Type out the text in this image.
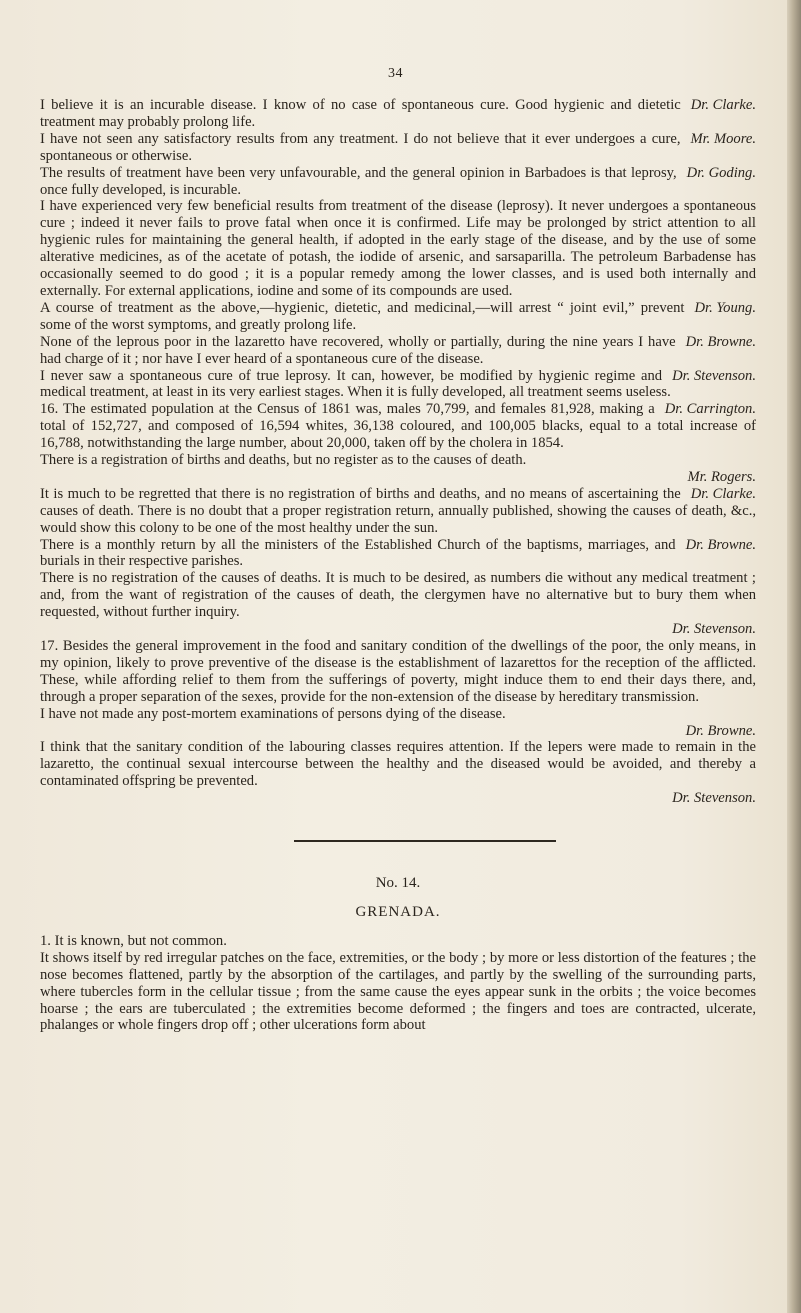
34

Dr. Clarke.
I believe it is an incurable disease. I know of no case of spontaneous cure. Good hygienic and dietetic treatment may probably prolong life.

Mr. Moore.
I have not seen any satisfactory results from any treatment. I do not believe that it ever undergoes a cure, spontaneous or otherwise.

Dr. Goding.
The results of treatment have been very unfavourable, and the general opinion in Barbadoes is that leprosy, once fully developed, is incurable.

I have experienced very few beneficial results from treatment of the disease (leprosy). It never undergoes a spontaneous cure ; indeed it never fails to prove fatal when once it is confirmed. Life may be prolonged by strict attention to all hygienic rules for maintaining the general health, if adopted in the early stage of the disease, and by the use of some alterative medicines, as of the acetate of potash, the iodide of arsenic, and sarsaparilla. The petroleum Barbadense has occasionally seemed to do good ; it is a popular remedy among the lower classes, and is used both internally and externally. For external applications, iodine and some of its compounds are used.

Dr. Young.
A course of treatment as the above,—hygienic, dietetic, and medicinal,—will arrest “ joint evil,” prevent some of the worst symptoms, and greatly prolong life.

Dr. Browne.
None of the leprous poor in the lazaretto have recovered, wholly or partially, during the nine years I have had charge of it ; nor have I ever heard of a spontaneous cure of the disease.

Dr. Stevenson.
I never saw a spontaneous cure of true leprosy. It can, however, be modified by hygienic regime and medical treatment, at least in its very earliest stages. When it is fully developed, all treatment seems useless.

Dr. Carrington.
16. The estimated population at the Census of 1861 was, males 70,799, and females 81,928, making a total of 152,727, and composed of 16,594 whites, 36,138 coloured, and 100,005 blacks, equal to a total increase of 16,788, notwithstanding the large number, about 20,000, taken off by the cholera in 1854.

There is a registration of births and deaths, but no register as to the causes of death.

Mr. Rogers.

Dr. Clarke.
It is much to be regretted that there is no registration of births and deaths, and no means of ascertaining the causes of death. There is no doubt that a proper registration return, annually published, showing the causes of death, &c., would show this colony to be one of the most healthy under the sun.

Dr. Browne.
There is a monthly return by all the ministers of the Established Church of the baptisms, marriages, and burials in their respective parishes.

There is no registration of the causes of deaths. It is much to be desired, as numbers die without any medical treatment ; and, from the want of registration of the causes of death, the clergymen have no alternative but to bury them when requested, without further inquiry.

Dr. Stevenson.

17. Besides the general improvement in the food and sanitary condition of the dwellings of the poor, the only means, in my opinion, likely to prove preventive of the disease is the establishment of lazarettos for the reception of the afflicted. These, while affording relief to them from the sufferings of poverty, might induce them to end their days there, and, through a proper separation of the sexes, provide for the non-extension of the disease by hereditary transmission.

I have not made any post-mortem examinations of persons dying of the disease.

Dr. Browne.

I think that the sanitary condition of the labouring classes requires attention. If the lepers were made to remain in the lazaretto, the continual sexual intercourse between the healthy and the diseased would be avoided, and thereby a contaminated offspring be prevented.

Dr. Stevenson.

No. 14.
GRENADA.

1. It is known, but not common.

It shows itself by red irregular patches on the face, extremities, or the body ; by more or less distortion of the features ; the nose becomes flattened, partly by the absorption of the cartilages, and partly by the swelling of the surrounding parts, where tubercles form in the cellular tissue ; from the same cause the eyes appear sunk in the orbits ; the voice becomes hoarse ; the ears are tuberculated ; the extremities become deformed ; the fingers and toes are contracted, ulcerate, phalanges or whole fingers drop off ; other ulcerations form about
